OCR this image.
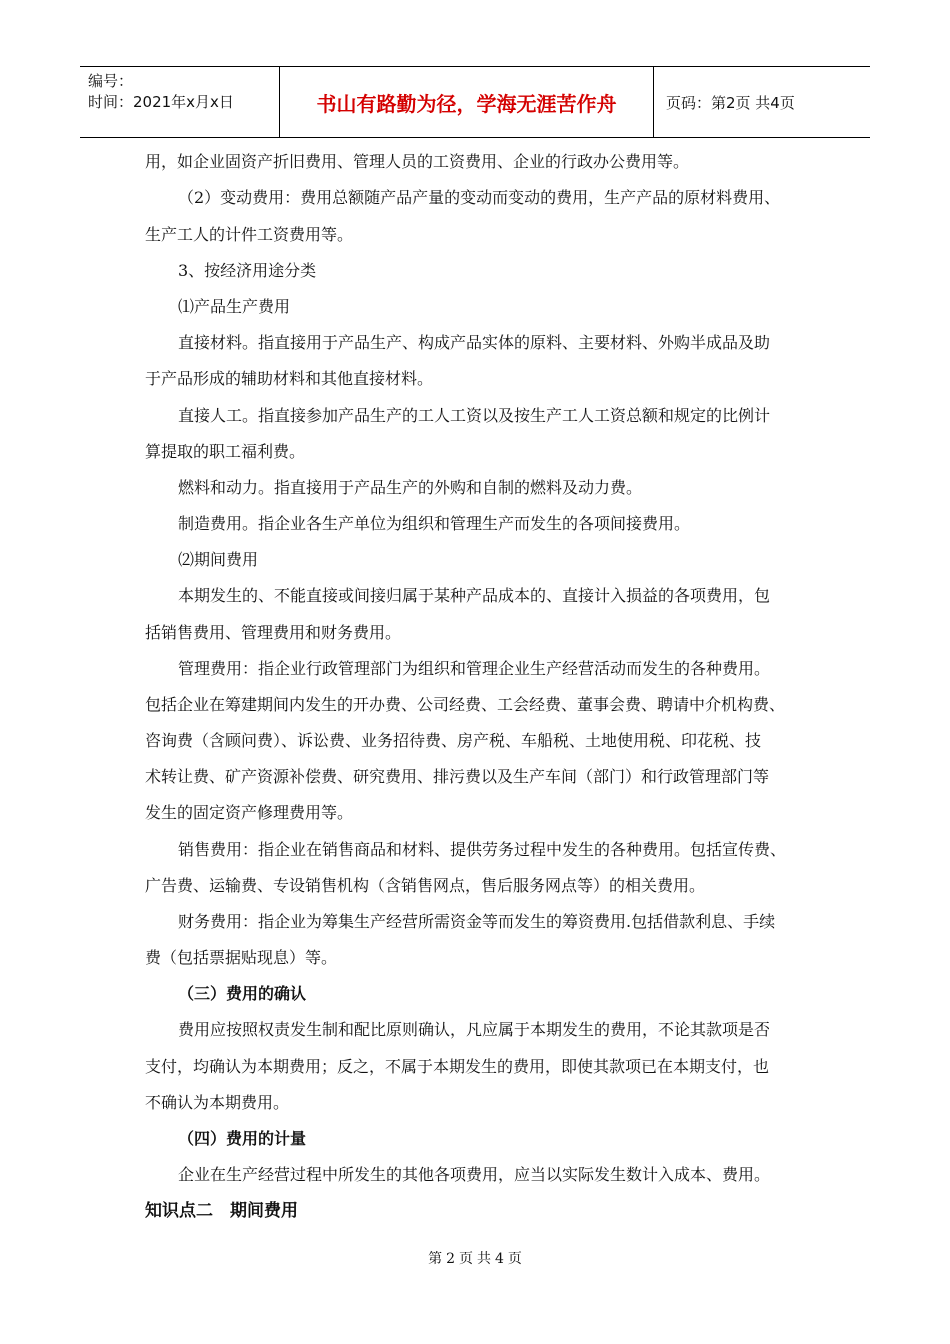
编号：
时间：2021年x月x日	书山有路勤为径，学海无涯苦作舟	页码：第2页 共4页
用，如企业固资产折旧费用、管理人员的工资费用、企业的行政办公费用等。
（2）变动费用：费用总额随产品产量的变动而变动的费用，生产产品的原材料费用、
生产工人的计件工资费用等。
3、按经济用途分类
⑴产品生产费用
直接材料。指直接用于产品生产、构成产品实体的原料、主要材料、外购半成品及助
于产品形成的辅助材料和其他直接材料。
直接人工。指直接参加产品生产的工人工资以及按生产工人工资总额和规定的比例计
算提取的职工福利费。
燃料和动力。指直接用于产品生产的外购和自制的燃料及动力费。
制造费用。指企业各生产单位为组织和管理生产而发生的各项间接费用。
⑵期间费用
本期发生的、不能直接或间接归属于某种产品成本的、直接计入损益的各项费用，包
括销售费用、管理费用和财务费用。
管理费用：指企业行政管理部门为组织和管理企业生产经营活动而发生的各种费用。
包括企业在筹建期间内发生的开办费、公司经费、工会经费、董事会费、聘请中介机构费、
咨询费（含顾问费）、诉讼费、业务招待费、房产税、车船税、土地使用税、印花税、技
术转让费、矿产资源补偿费、研究费用、排污费以及生产车间（部门）和行政管理部门等
发生的固定资产修理费用等。
销售费用：指企业在销售商品和材料、提供劳务过程中发生的各种费用。包括宣传费、
广告费、运输费、专设销售机构（含销售网点，售后服务网点等）的相关费用。
财务费用：指企业为筹集生产经营所需资金等而发生的筹资费用.包括借款利息、手续
费（包括票据贴现息）等。
（三）费用的确认
费用应按照权责发生制和配比原则确认，凡应属于本期发生的费用，不论其款项是否
支付，均确认为本期费用；反之，不属于本期发生的费用，即使其款项已在本期支付，也
不确认为本期费用。
（四）费用的计量
企业在生产经营过程中所发生的其他各项费用，应当以实际发生数计入成本、费用。
知识点二　期间费用
第 2 页 共 4 页
